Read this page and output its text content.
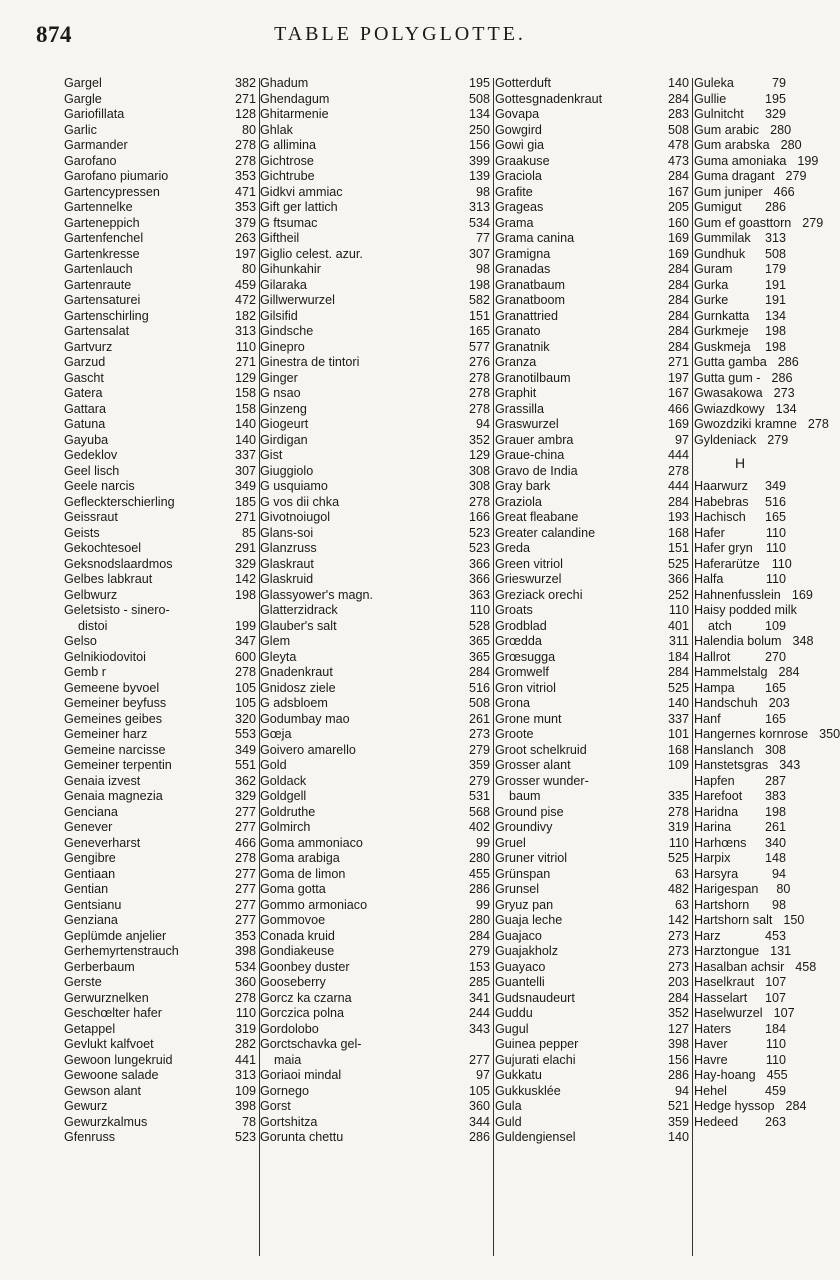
874	TABLE POLYGLOTTE.
Gargel	382
Gargle	271
Gariofillata	128
Garlic	80
Garmander	278
Garofano	278
Garofano piumario	353
Gartencypressen	471
Gartennelke	353
Garteneppich	379
Gartenfenchel	263
Gartenkresse	197
Gartenlauch	80
Gartenraute	459
Gartensaturei	472
Gartenschirling	182
Gartensalat	313
Gartvurz	110
Garzud	271
Gascht	129
Gatera	158
Gattara	158
Gatuna	140
Gayuba	140
Gedeklov	337
Geel lisch	307
Geele narcis	349
Gefleckterschierling	185
Geissraut	271
Geists	85
Gekochtesoel	291
Geksnodslaardmos	329
Gelbes labkraut	142
Gelbwurz	198
Geletsisto - sinero-
distoi	199
Gelso	347
Gelnikiodovitoi	600
Gemb r	278
Gemeene byvoel	105
Gemeiner beyfuss	105
Gemeines geibes	320
Gemeiner harz	553
Gemeine narcisse	349
Gemeiner terpentin	551
Genaia izvest	362
Genaia magnezia	329
Genciana	277
Genever	277
Geneverharst	466
Gengibre	278
Gentiaan	277
Gentian	277
Gentsianu	277
Genziana	277
Geplümde anjelier	353
Gerhemyrtenstrauch	398
Gerberbaum	534
Gerste	360
Gerwurznelken	278
Geschœlter hafer	110
Getappel	319
Gevlukt kalfvoet	282
Gewoon lungekruid	441
Gewoone salade	313
Gewson alant	109
Gewurz	398
Gewurzkalmus	78
Gfenruss	523
Ghadum	195
Ghendagum	508
Ghitarmenie	134
Ghlak	250
G allimina	156
Gichtrose	399
Gichtrube	139
Gidkvi ammiac	98
Gift ger lattich	313
G ftsumac	534
Giftheil	77
Giglio celest. azur.	307
Gihunkahir	98
Gilaraka	198
Gillwerwurzel	582
Gilsifid	151
Gindsche	165
Ginepro	577
Ginestra de tintori	276
Ginger	278
G nsao	278
Ginzeng	278
Giogeurt	94
Girdigan	352
Gist	129
Giuggiolo	308
G usquiamo	308
G vos dii chka	278
Givotnoiugol	166
Glans-soi	523
Glanzruss	523
Glaskraut	366
Glaskruid	366
Glassyower's magn.	363
Glatterzidrack	110
Glauber's salt	528
Glem	365
Gleyta	365
Gnadenkraut	284
Gnidosz ziele	516
G adsbloem	508
Godumbay mao	261
Gœja	273
Goivero amarello	279
Gold	359
Goldack	279
Goldgell	531
Goldruthe	568
Golmirch	402
Goma ammoniaco	99
Goma arabiga	280
Goma de limon	455
Goma gotta	286
Gommo armoniaco	99
Gommovoe	280
Conada kruid	284
Gondiakeuse	279
Goonbey duster	153
Gooseberry	285
Gorcz ka czarna	341
Gorczica polna	244
Gordolobo	343
Gorctschavka gel-
maia	277
Goriaoi mindal	97
Gornego	105
Gorst	360
Gortshitza	344
Gorunta chettu	286
Gotterduft	140
Gottesgnadenkraut	284
Govapa	283
Gowgird	508
Gowi gia	478
Graakuse	473
Graciola	284
Grafite	167
Grageas	205
Grama	160
Grama canina	169
Gramigna	169
Granadas	284
Granatbaum	284
Granatboom	284
Granattried	284
Granato	284
Granatnik	284
Granza	271
Granotilbaum	197
Graphit	167
Grassilla	466
Graswurzel	169
Grauer ambra	97
Graue-china	444
Gravo de India	278
Gray bark	444
Graziola	284
Great fleabane	193
Greater calandine	168
Greda	151
Green vitriol	525
Grieswurzel	366
Greziack orechi	252
Groats	110
Grodblad	401
Grœdda	311
Grœsugga	184
Gromwelf	284
Gron vitriol	525
Grona	140
Grone munt	337
Groote	101
Groot schelkruid	168
Grosser alant	109
Grosser wunder-
baum	335
Ground pise	278
Groundivy	319
Gruel	110
Gruner vitriol	525
Grünspan	63
Grunsel	482
Gryuz pan	63
Guaja leche	142
Guajaco	273
Guajakholz	273
Guayaco	273
Guantelli	203
Gudsnaudeurt	284
Guddu	352
Gugul	127
Guinea pepper	398
Gujurati elachi	156
Gukkatu	286
Gukkusklée	94
Gula	521
Guld	359
Guldengiensel	140
Guleka	79
Gullie	195
Gulnitcht	329
Gum arabic 280
Gum arabska 280
Guma amoniaka 199
Guma dragant 279
Gum juniper 466
Gumigut	286
Gum ef goasttorn 279
Gummilak	313
Gundhuk	508
Guram	179
Gurka	191
Gurke	191
Gurnkatta	134
Gurkmeje	198
Guskmeja	198
Gutta gamba 286
Gutta gum - 286
Gwasakowa 273
Gwiazdkowy 134
Gwozdziki kramne 278
Gyldeniack 279
H
Haarwurz	349
Habebras	516
Hachisch	165
Hafer	110
Hafer gryn	110
Haferarütze 110
Halfa	110
Hahnenfusslein 169
Haisy podded milk
atch	109
Halendia bolum 348
Hallrot	270
Hammelstalg 284
Hampa	165
Handschuh 203
Hanf	165
Hangernes kornrose 350
Hanslanch 308
Hanstetsgras 343
Hapfen	287
Harefoot	383
Haridna	198
Harina	261
Harhœns	340
Harpix	148
Harsyra	94
Harigespan	80
Hartshorn	98
Hartshorn salt 150
Harz	453
Harztongue 131
Hasalban achsir 458
Haselkraut 107
Hasselart	107
Haselwurzel 107
Haters	184
Haver	110
Havre	110
Hay-hoang 455
Hehel	459
Hedge hyssop 284
Hedeed	263
